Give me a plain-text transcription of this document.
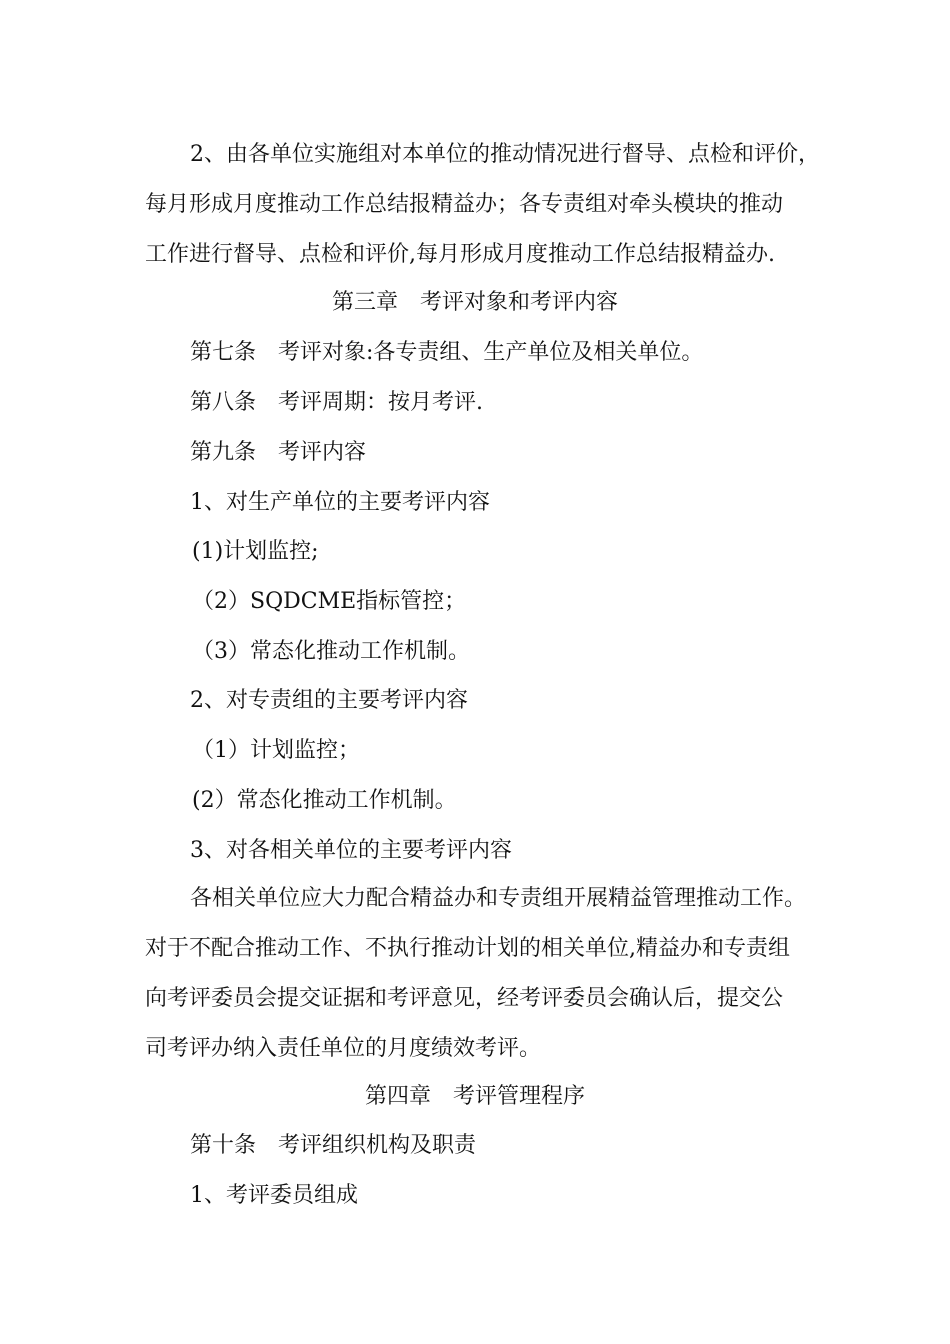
2、由各单位实施组对本单位的推动情况进行督导、点检和评价，
每月形成月度推动工作总结报精益办；各专责组对牵头模块的推动
工作进行督导、点检和评价,每月形成月度推动工作总结报精益办.
第三章　考评对象和考评内容
第七条　考评对象:各专责组、生产单位及相关单位。
第八条　考评周期：按月考评.
第九条　考评内容
1、对生产单位的主要考评内容
(1)计划监控;
（2）SQDCME指标管控；
（3）常态化推动工作机制。
2、对专责组的主要考评内容
（1）计划监控；
(2）常态化推动工作机制。
3、对各相关单位的主要考评内容
各相关单位应大力配合精益办和专责组开展精益管理推动工作。
对于不配合推动工作、不执行推动计划的相关单位,精益办和专责组
向考评委员会提交证据和考评意见，经考评委员会确认后，提交公
司考评办纳入责任单位的月度绩效考评。
第四章　考评管理程序
第十条　考评组织机构及职责
1、考评委员组成
